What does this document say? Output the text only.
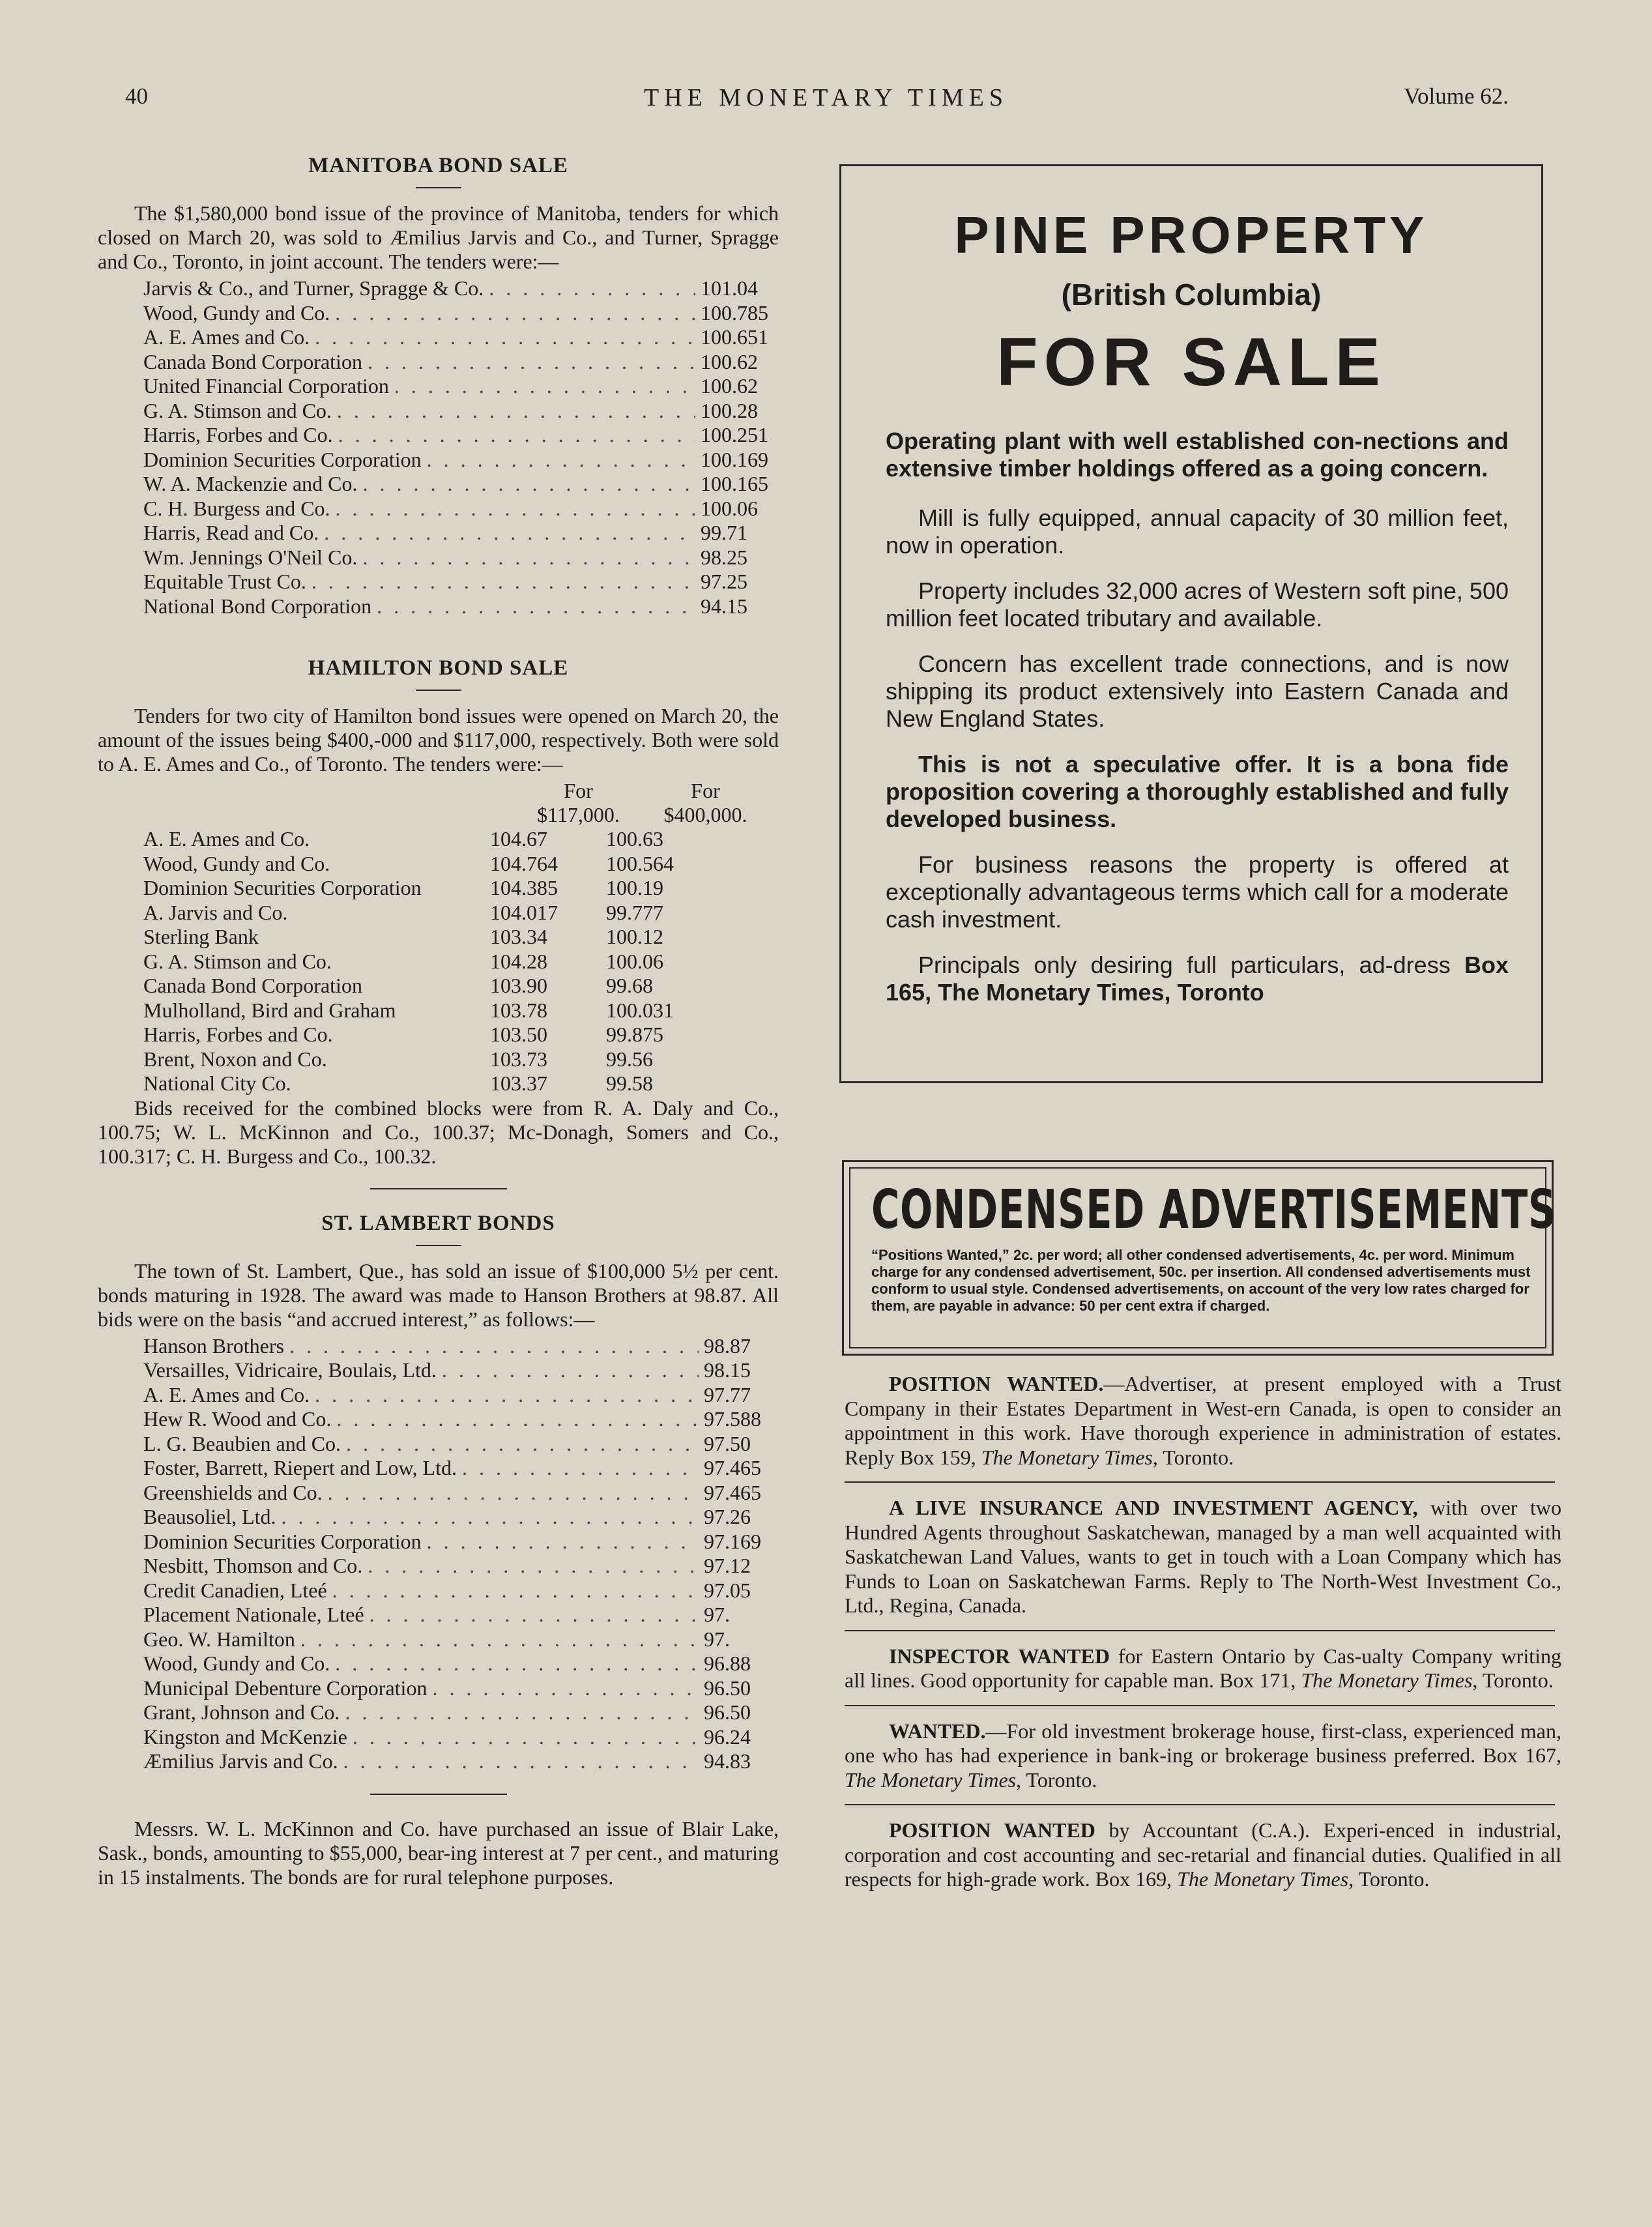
40	THE MONETARY TIMES	Volume 62.
MANITOBA BOND SALE

The $1,580,000 bond issue of the province of Manitoba, tenders for which closed on March 20, was sold to Æmilius Jarvis and Co., and Turner, Spragge and Co., Toronto, in joint account. The tenders were:—

Jarvis & Co., and Turner, Spragge & Co. . . .	101.04
Wood, Gundy and Co. . . .	100.785
A. E. Ames and Co. . . .	100.651
Canada Bond Corporation . . .	100.62
United Financial Corporation . . .	100.62
G. A. Stimson and Co. . . .	100.28
Harris, Forbes and Co. . . .	100.251
Dominion Securities Corporation . . .	100.169
W. A. Mackenzie and Co. . . .	100.165
C. H. Burgess and Co. . . .	100.06
Harris, Read and Co. . . .	99.71
Wm. Jennings O'Neil Co. . . .	98.25
Equitable Trust Co. . . .	97.25
National Bond Corporation . . .	94.15
HAMILTON BOND SALE

Tenders for two city of Hamilton bond issues were opened on March 20, the amount of the issues being $400,-000 and $117,000, respectively. Both were sold to A. E. Ames and Co., of Toronto. The tenders were:—

For	For
$117,000.	$400,000.
A. E. Ames and Co.	104.67	100.63
Wood, Gundy and Co.	104.764	100.564
Dominion Securities Corporation	104.385	100.19
A. Jarvis and Co.	104.017	99.777
Sterling Bank	103.34	100.12
G. A. Stimson and Co.	104.28	100.06
Canada Bond Corporation	103.90	99.68
Mulholland, Bird and Graham	103.78	100.031
Harris, Forbes and Co.	103.50	99.875
Brent, Noxon and Co.	103.73	99.56
National City Co.	103.37	99.58

Bids received for the combined blocks were from R. A. Daly and Co., 100.75; W. L. McKinnon and Co., 100.37; Mc-Donagh, Somers and Co., 100.317; C. H. Burgess and Co., 100.32.

ST. LAMBERT BONDS

The town of St. Lambert, Que., has sold an issue of $100,000 5½ per cent. bonds maturing in 1928. The award was made to Hanson Brothers at 98.87. All bids were on the basis “and accrued interest,” as follows:—

Hanson Brothers . . .	98.87
Versailles, Vidricaire, Boulais, Ltd. . . .	98.15
A. E. Ames and Co. . . .	97.77
Hew R. Wood and Co. . . .	97.588
L. G. Beaubien and Co. . . .	97.50
Foster, Barrett, Riepert and Low, Ltd. . . .	97.465
Greenshields and Co. . . .	97.465
Beausoliel, Ltd. . . .	97.26
Dominion Securities Corporation . . .	97.169
Nesbitt, Thomson and Co. . . .	97.12
Credit Canadien, Lteé . . .	97.05
Placement Nationale, Lteé . . .	97.
Geo. W. Hamilton . . .	97.
Wood, Gundy and Co. . . .	96.88
Municipal Debenture Corporation . . .	96.50
Grant, Johnson and Co. . . .	96.50
Kingston and McKenzie . . .	96.24
Æmilius Jarvis and Co. . . .	94.83

Messrs. W. L. McKinnon and Co. have purchased an issue of Blair Lake, Sask., bonds, amounting to $55,000, bear-ing interest at 7 per cent., and maturing in 15 instalments. The bonds are for rural telephone purposes.

PINE PROPERTY
(British Columbia)
FOR SALE

Operating plant with well established con-nections and extensive timber holdings offered as a going concern.

Mill is fully equipped, annual capacity of 30 million feet, now in operation.

Property includes 32,000 acres of Western soft pine, 500 million feet located tributary and available.

Concern has excellent trade connections, and is now shipping its product extensively into Eastern Canada and New England States.

This is not a speculative offer. It is a bona fide proposition covering a thoroughly established and fully developed business.

For business reasons the property is offered at exceptionally advantageous terms which call for a moderate cash investment.

Principals only desiring full particulars, ad-dress Box 165, The Monetary Times, Toronto

CONDENSED ADVERTISEMENTS
“Positions Wanted,” 2c. per word; all other condensed advertisements, 4c. per word. Minimum charge for any condensed advertisement, 50c. per insertion. All condensed advertisements must conform to usual style. Condensed advertisements, on account of the very low rates charged for them, are payable in advance: 50 per cent extra if charged.
POSITION WANTED.—Advertiser, at present employed with a Trust Company in their Estates Department in West-ern Canada, is open to consider an appointment in this work. Have thorough experience in administration of estates. Reply Box 159, The Monetary Times, Toronto.
A LIVE INSURANCE AND INVESTMENT AGENCY, with over two Hundred Agents throughout Saskatchewan, managed by a man well acquainted with Saskatchewan Land Values, wants to get in touch with a Loan Company which has Funds to Loan on Saskatchewan Farms. Reply to The North-West Investment Co., Ltd., Regina, Canada.
INSPECTOR WANTED for Eastern Ontario by Cas-ualty Company writing all lines. Good opportunity for capable man. Box 171, The Monetary Times, Toronto.
WANTED.—For old investment brokerage house, first-class, experienced man, one who has had experience in bank-ing or brokerage business preferred. Box 167, The Monetary Times, Toronto.
POSITION WANTED by Accountant (C.A.). Experi-enced in industrial, corporation and cost accounting and sec-retarial and financial duties. Qualified in all respects for high-grade work. Box 169, The Monetary Times, Toronto.
